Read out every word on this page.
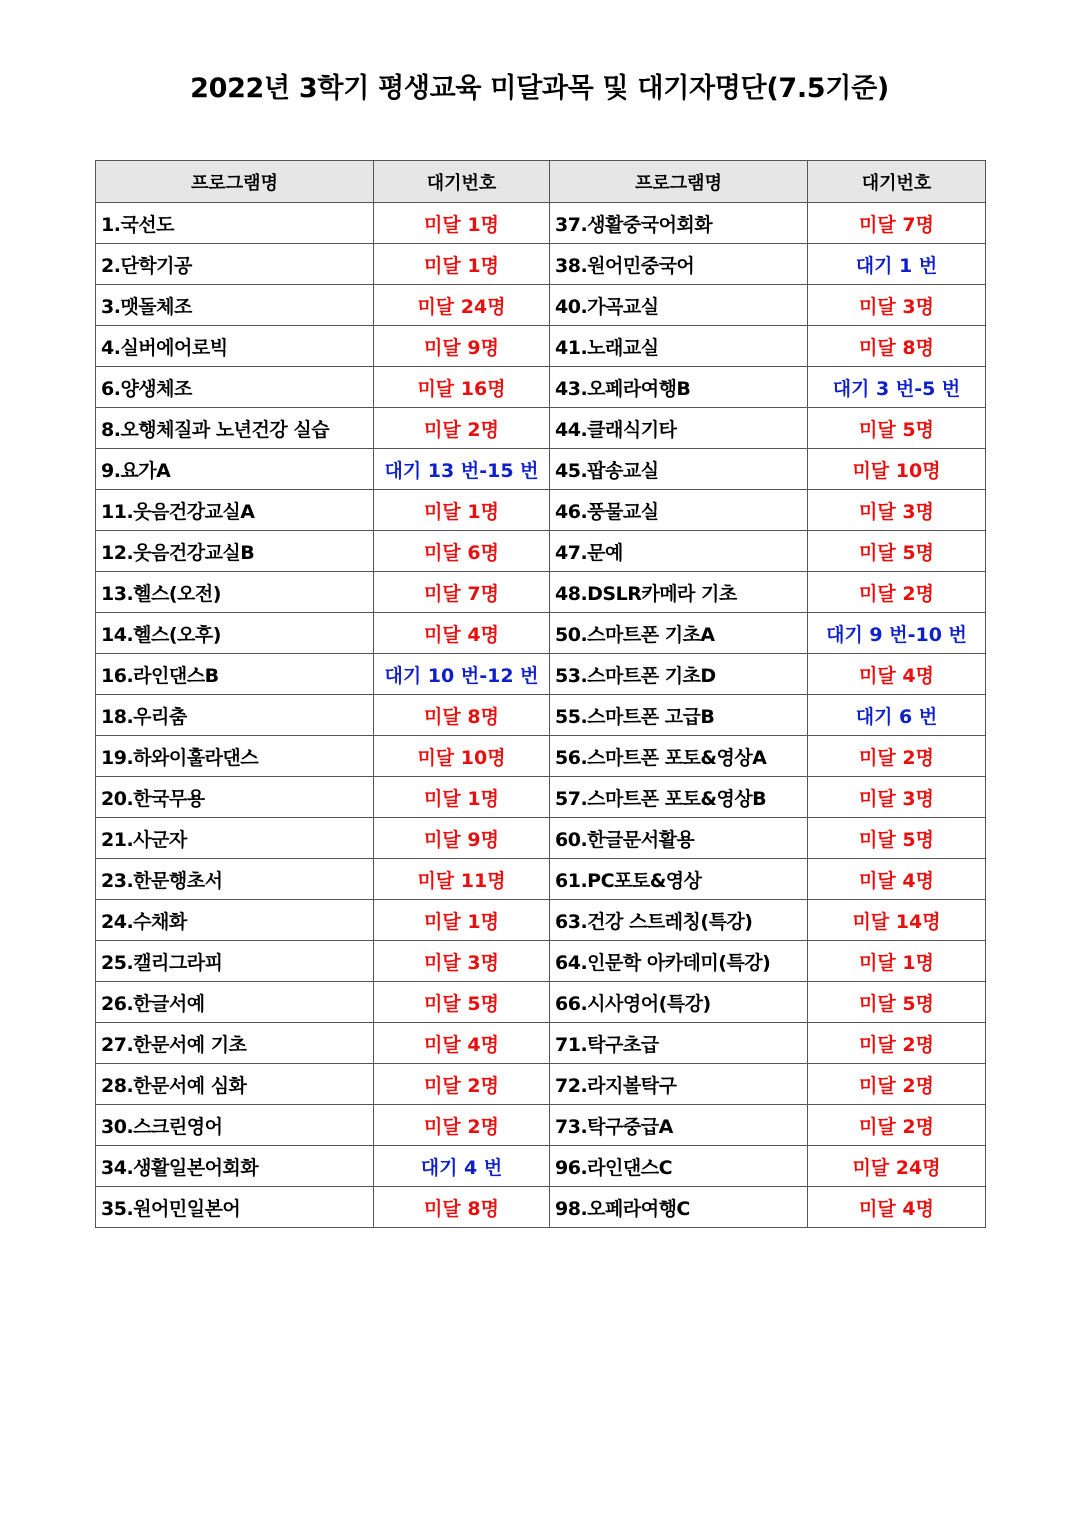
2022년 3학기 평생교육 미달과목 및 대기자명단(7.5기준)
프로그램명	대기번호	프로그램명	대기번호
1.국선도	미달 1명	37.생활중국어회화	미달 7명
2.단학기공	미달 1명	38.원어민중국어	대기 1 번
3.맷돌체조	미달 24명	40.가곡교실	미달 3명
4.실버에어로빅	미달 9명	41.노래교실	미달 8명
6.양생체조	미달 16명	43.오페라여행B	대기 3 번-5 번
8.오행체질과 노년건강 실습	미달 2명	44.클래식기타	미달 5명
9.요가A	대기 13 번-15 번	45.팝송교실	미달 10명
11.웃음건강교실A	미달 1명	46.풍물교실	미달 3명
12.웃음건강교실B	미달 6명	47.문예	미달 5명
13.헬스(오전)	미달 7명	48.DSLR카메라 기초	미달 2명
14.헬스(오후)	미달 4명	50.스마트폰 기초A	대기 9 번-10 번
16.라인댄스B	대기 10 번-12 번	53.스마트폰 기초D	미달 4명
18.우리춤	미달 8명	55.스마트폰 고급B	대기 6 번
19.하와이훌라댄스	미달 10명	56.스마트폰 포토&영상A	미달 2명
20.한국무용	미달 1명	57.스마트폰 포토&영상B	미달 3명
21.사군자	미달 9명	60.한글문서활용	미달 5명
23.한문행초서	미달 11명	61.PC포토&영상	미달 4명
24.수채화	미달 1명	63.건강 스트레칭(특강)	미달 14명
25.캘리그라피	미달 3명	64.인문학 아카데미(특강)	미달 1명
26.한글서예	미달 5명	66.시사영어(특강)	미달 5명
27.한문서예 기초	미달 4명	71.탁구초급	미달 2명
28.한문서예 심화	미달 2명	72.라지볼탁구	미달 2명
30.스크린영어	미달 2명	73.탁구중급A	미달 2명
34.생활일본어회화	대기 4 번	96.라인댄스C	미달 24명
35.원어민일본어	미달 8명	98.오페라여행C	미달 4명
